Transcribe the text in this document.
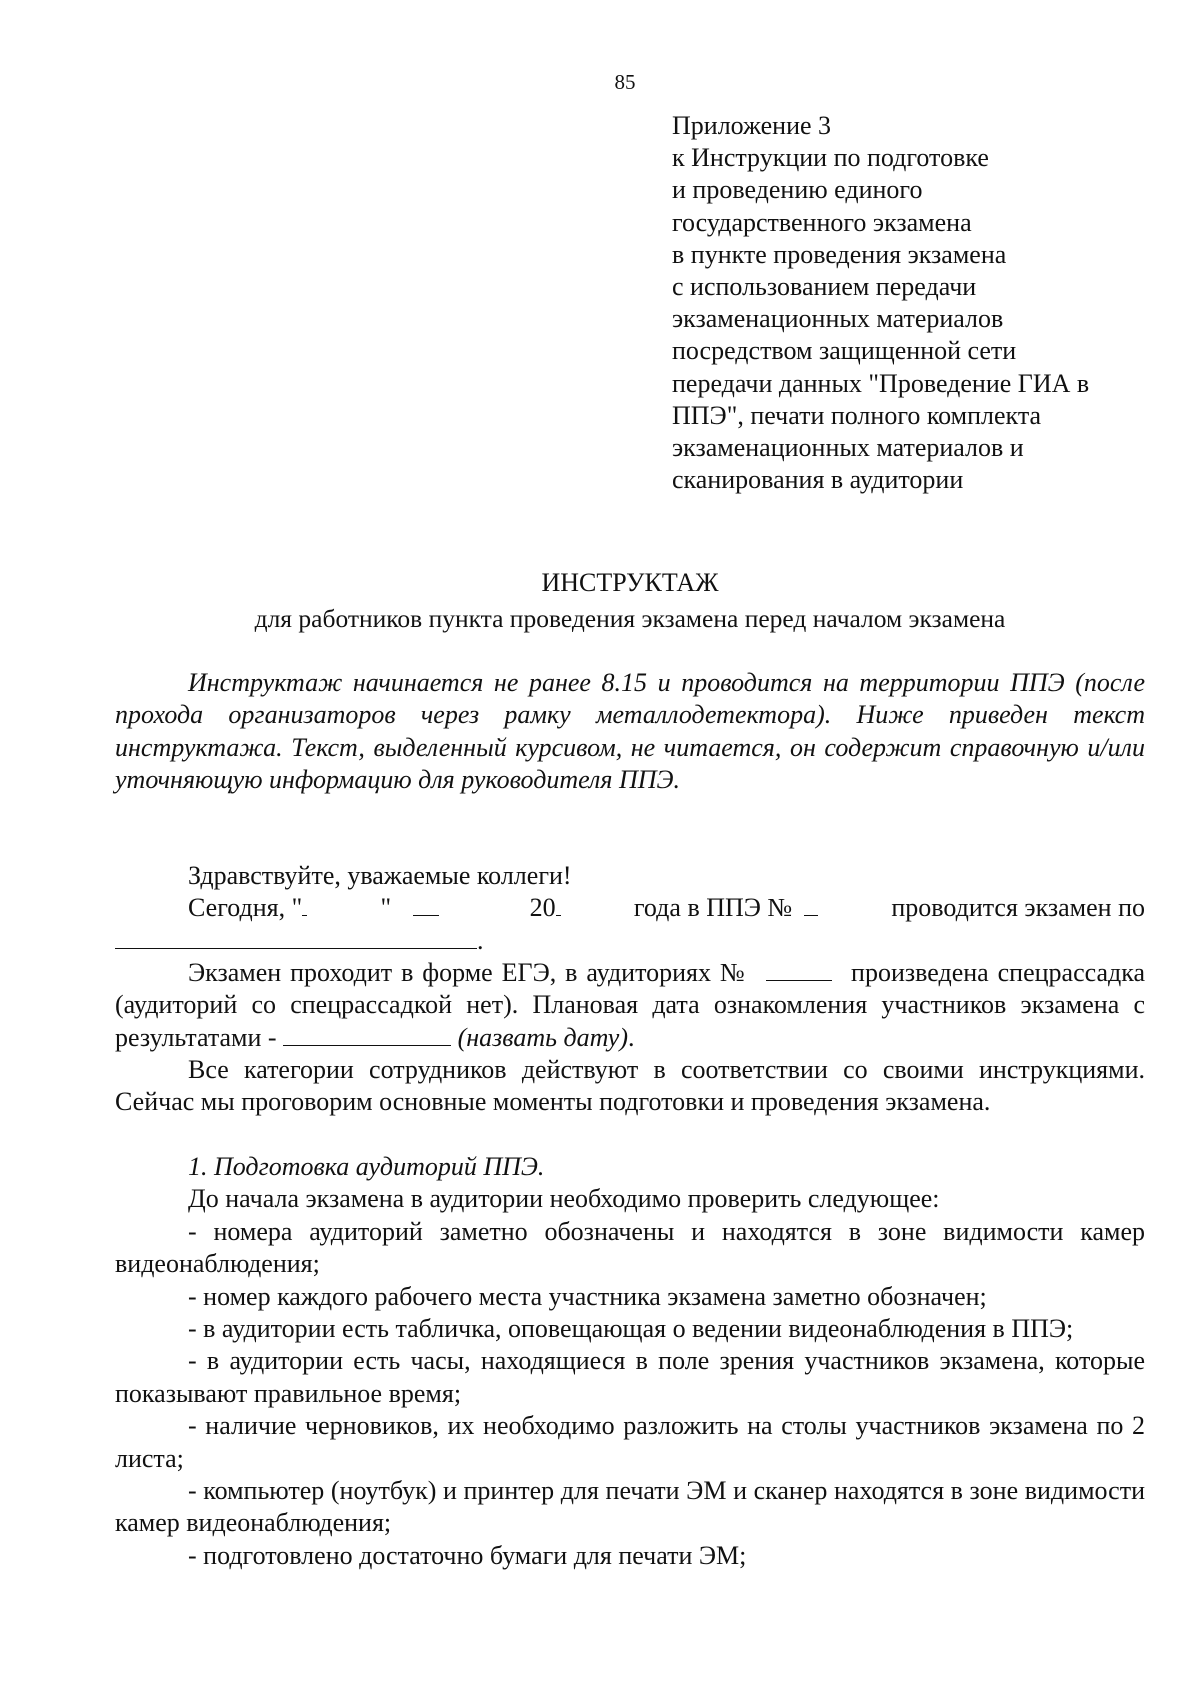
85
Приложение 3
к Инструкции по подготовке
и проведению единого
государственного экзамена
в пункте проведения экзамена
с использованием передачи
экзаменационных материалов
посредством защищенной сети
передачи данных "Проведение ГИА в
ППЭ", печати полного комплекта
экзаменационных материалов и
сканирования в аудитории
ИНСТРУКТАЖ
для работников пункта проведения экзамена перед началом экзамена
Инструктаж начинается не ранее 8.15 и проводится на территории ППЭ (после прохода организаторов через рамку металлодетектора). Ниже приведен текст инструктажа. Текст, выделенный курсивом, не читается, он содержит справочную и/или уточняющую информацию для руководителя ППЭ.
Здравствуйте, уважаемые коллеги!
Сегодня, "	"	20	года в ППЭ №	проводится экзамен по
.
Экзамен проходит в форме ЕГЭ, в аудиториях №	произведена спецрассадка (аудиторий со спецрассадкой нет). Плановая дата ознакомления участников экзамена с результатами -	(назвать дату).
Все категории сотрудников действуют в соответствии со своими инструкциями. Сейчас мы проговорим основные моменты подготовки и проведения экзамена.
1. Подготовка аудиторий ППЭ.
До начала экзамена в аудитории необходимо проверить следующее:
- номера аудиторий заметно обозначены и находятся в зоне видимости камер видеонаблюдения;
- номер каждого рабочего места участника экзамена заметно обозначен;
- в аудитории есть табличка, оповещающая о ведении видеонаблюдения в ППЭ;
- в аудитории есть часы, находящиеся в поле зрения участников экзамена, которые показывают правильное время;
- наличие черновиков, их необходимо разложить на столы участников экзамена по 2 листа;
- компьютер (ноутбук) и принтер для печати ЭМ и сканер находятся в зоне видимости камер видеонаблюдения;
- подготовлено достаточно бумаги для печати ЭМ;
